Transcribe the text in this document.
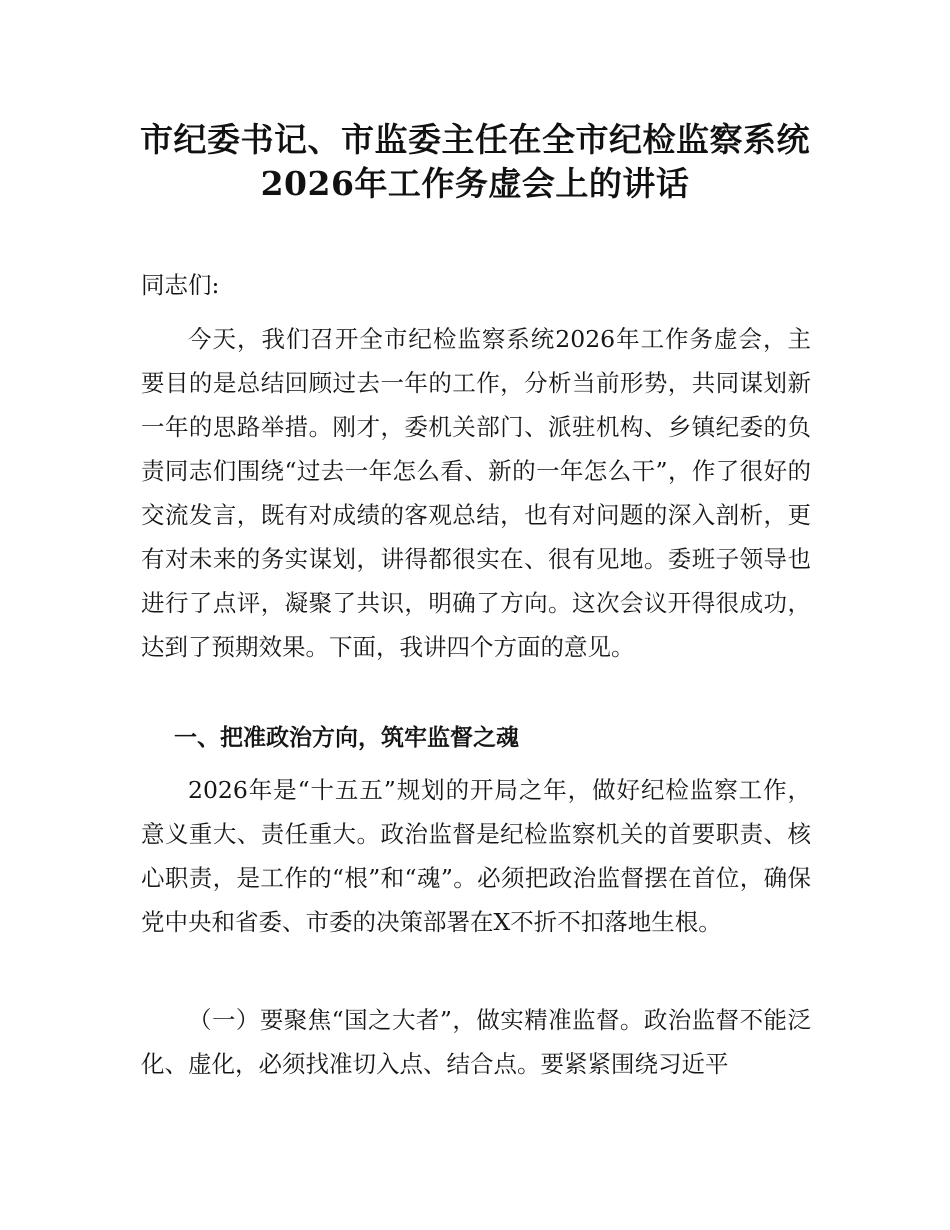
市纪委书记、市监委主任在全市纪检监察系统
2026年工作务虚会上的讲话

同志们:

今天，我们召开全市纪检监察系统2026年工作务虚会，主要目的是总结回顾过去一年的工作，分析当前形势，共同谋划新一年的思路举措。刚才，委机关部门、派驻机构、乡镇纪委的负责同志们围绕“过去一年怎么看、新的一年怎么干”，作了很好的交流发言，既有对成绩的客观总结，也有对问题的深入剖析，更有对未来的务实谋划，讲得都很实在、很有见地。委班子领导也进行了点评，凝聚了共识，明确了方向。这次会议开得很成功，达到了预期效果。下面，我讲四个方面的意见。

一、把准政治方向，筑牢监督之魂

2026年是“十五五”规划的开局之年，做好纪检监察工作，意义重大、责任重大。政治监督是纪检监察机关的首要职责、核心职责，是工作的“根”和“魂”。必须把政治监督摆在首位，确保党中央和省委、市委的决策部署在X不折不扣落地生根。

（一）要聚焦“国之大者”，做实精准监督。政治监督不能泛化、虚化，必须找准切入点、结合点。要紧紧围绕习近平
